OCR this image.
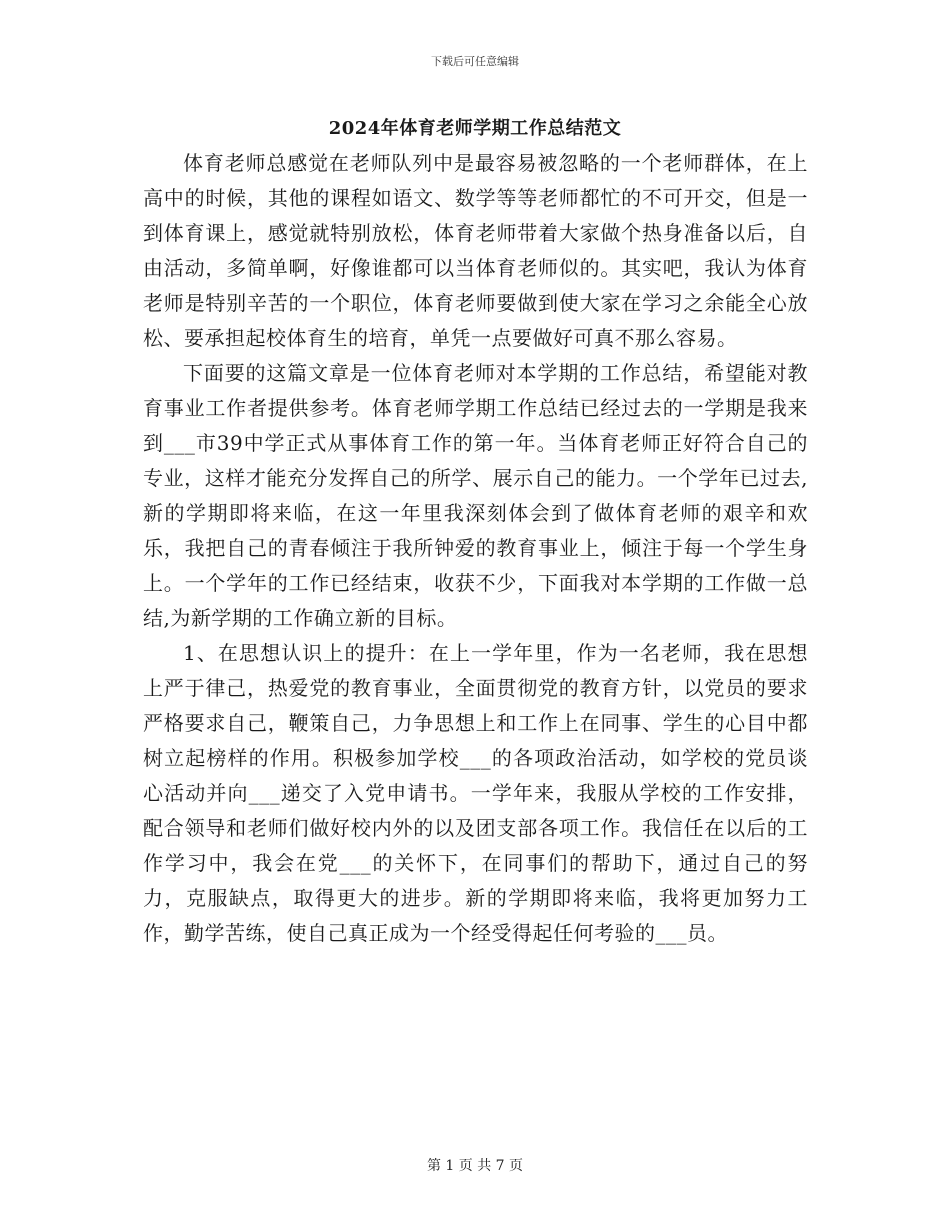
下载后可任意编辑
2024年体育老师学期工作总结范文

体育老师总感觉在老师队列中是最容易被忽略的一个老师群体，在上高中的时候，其他的课程如语文、数学等等老师都忙的不可开交，但是一到体育课上，感觉就特别放松，体育老师带着大家做个热身准备以后，自由活动，多简单啊，好像谁都可以当体育老师似的。其实吧，我认为体育老师是特别辛苦的一个职位，体育老师要做到使大家在学习之余能全心放松、要承担起校体育生的培育，单凭一点要做好可真不那么容易。

下面要的这篇文章是一位体育老师对本学期的工作总结，希望能对教育事业工作者提供参考。体育老师学期工作总结已经过去的一学期是我来到___市39中学正式从事体育工作的第一年。当体育老师正好符合自己的专业，这样才能充分发挥自己的所学、展示自己的能力。一个学年已过去,新的学期即将来临，在这一年里我深刻体会到了做体育老师的艰辛和欢乐，我把自己的青春倾注于我所钟爱的教育事业上，倾注于每一个学生身上。一个学年的工作已经结束，收获不少，下面我对本学期的工作做一总结,为新学期的工作确立新的目标。

1、在思想认识上的提升：在上一学年里，作为一名老师，我在思想上严于律己，热爱党的教育事业，全面贯彻党的教育方针，以党员的要求严格要求自己，鞭策自己，力争思想上和工作上在同事、学生的心目中都树立起榜样的作用。积极参加学校___的各项政治活动，如学校的党员谈心活动并向___递交了入党申请书。一学年来，我服从学校的工作安排，配合领导和老师们做好校内外的以及团支部各项工作。我信任在以后的工作学习中，我会在党___的关怀下，在同事们的帮助下，通过自己的努力，克服缺点，取得更大的进步。新的学期即将来临，我将更加努力工作，勤学苦练，使自己真正成为一个经受得起任何考验的___员。

第 1 页 共 7 页
